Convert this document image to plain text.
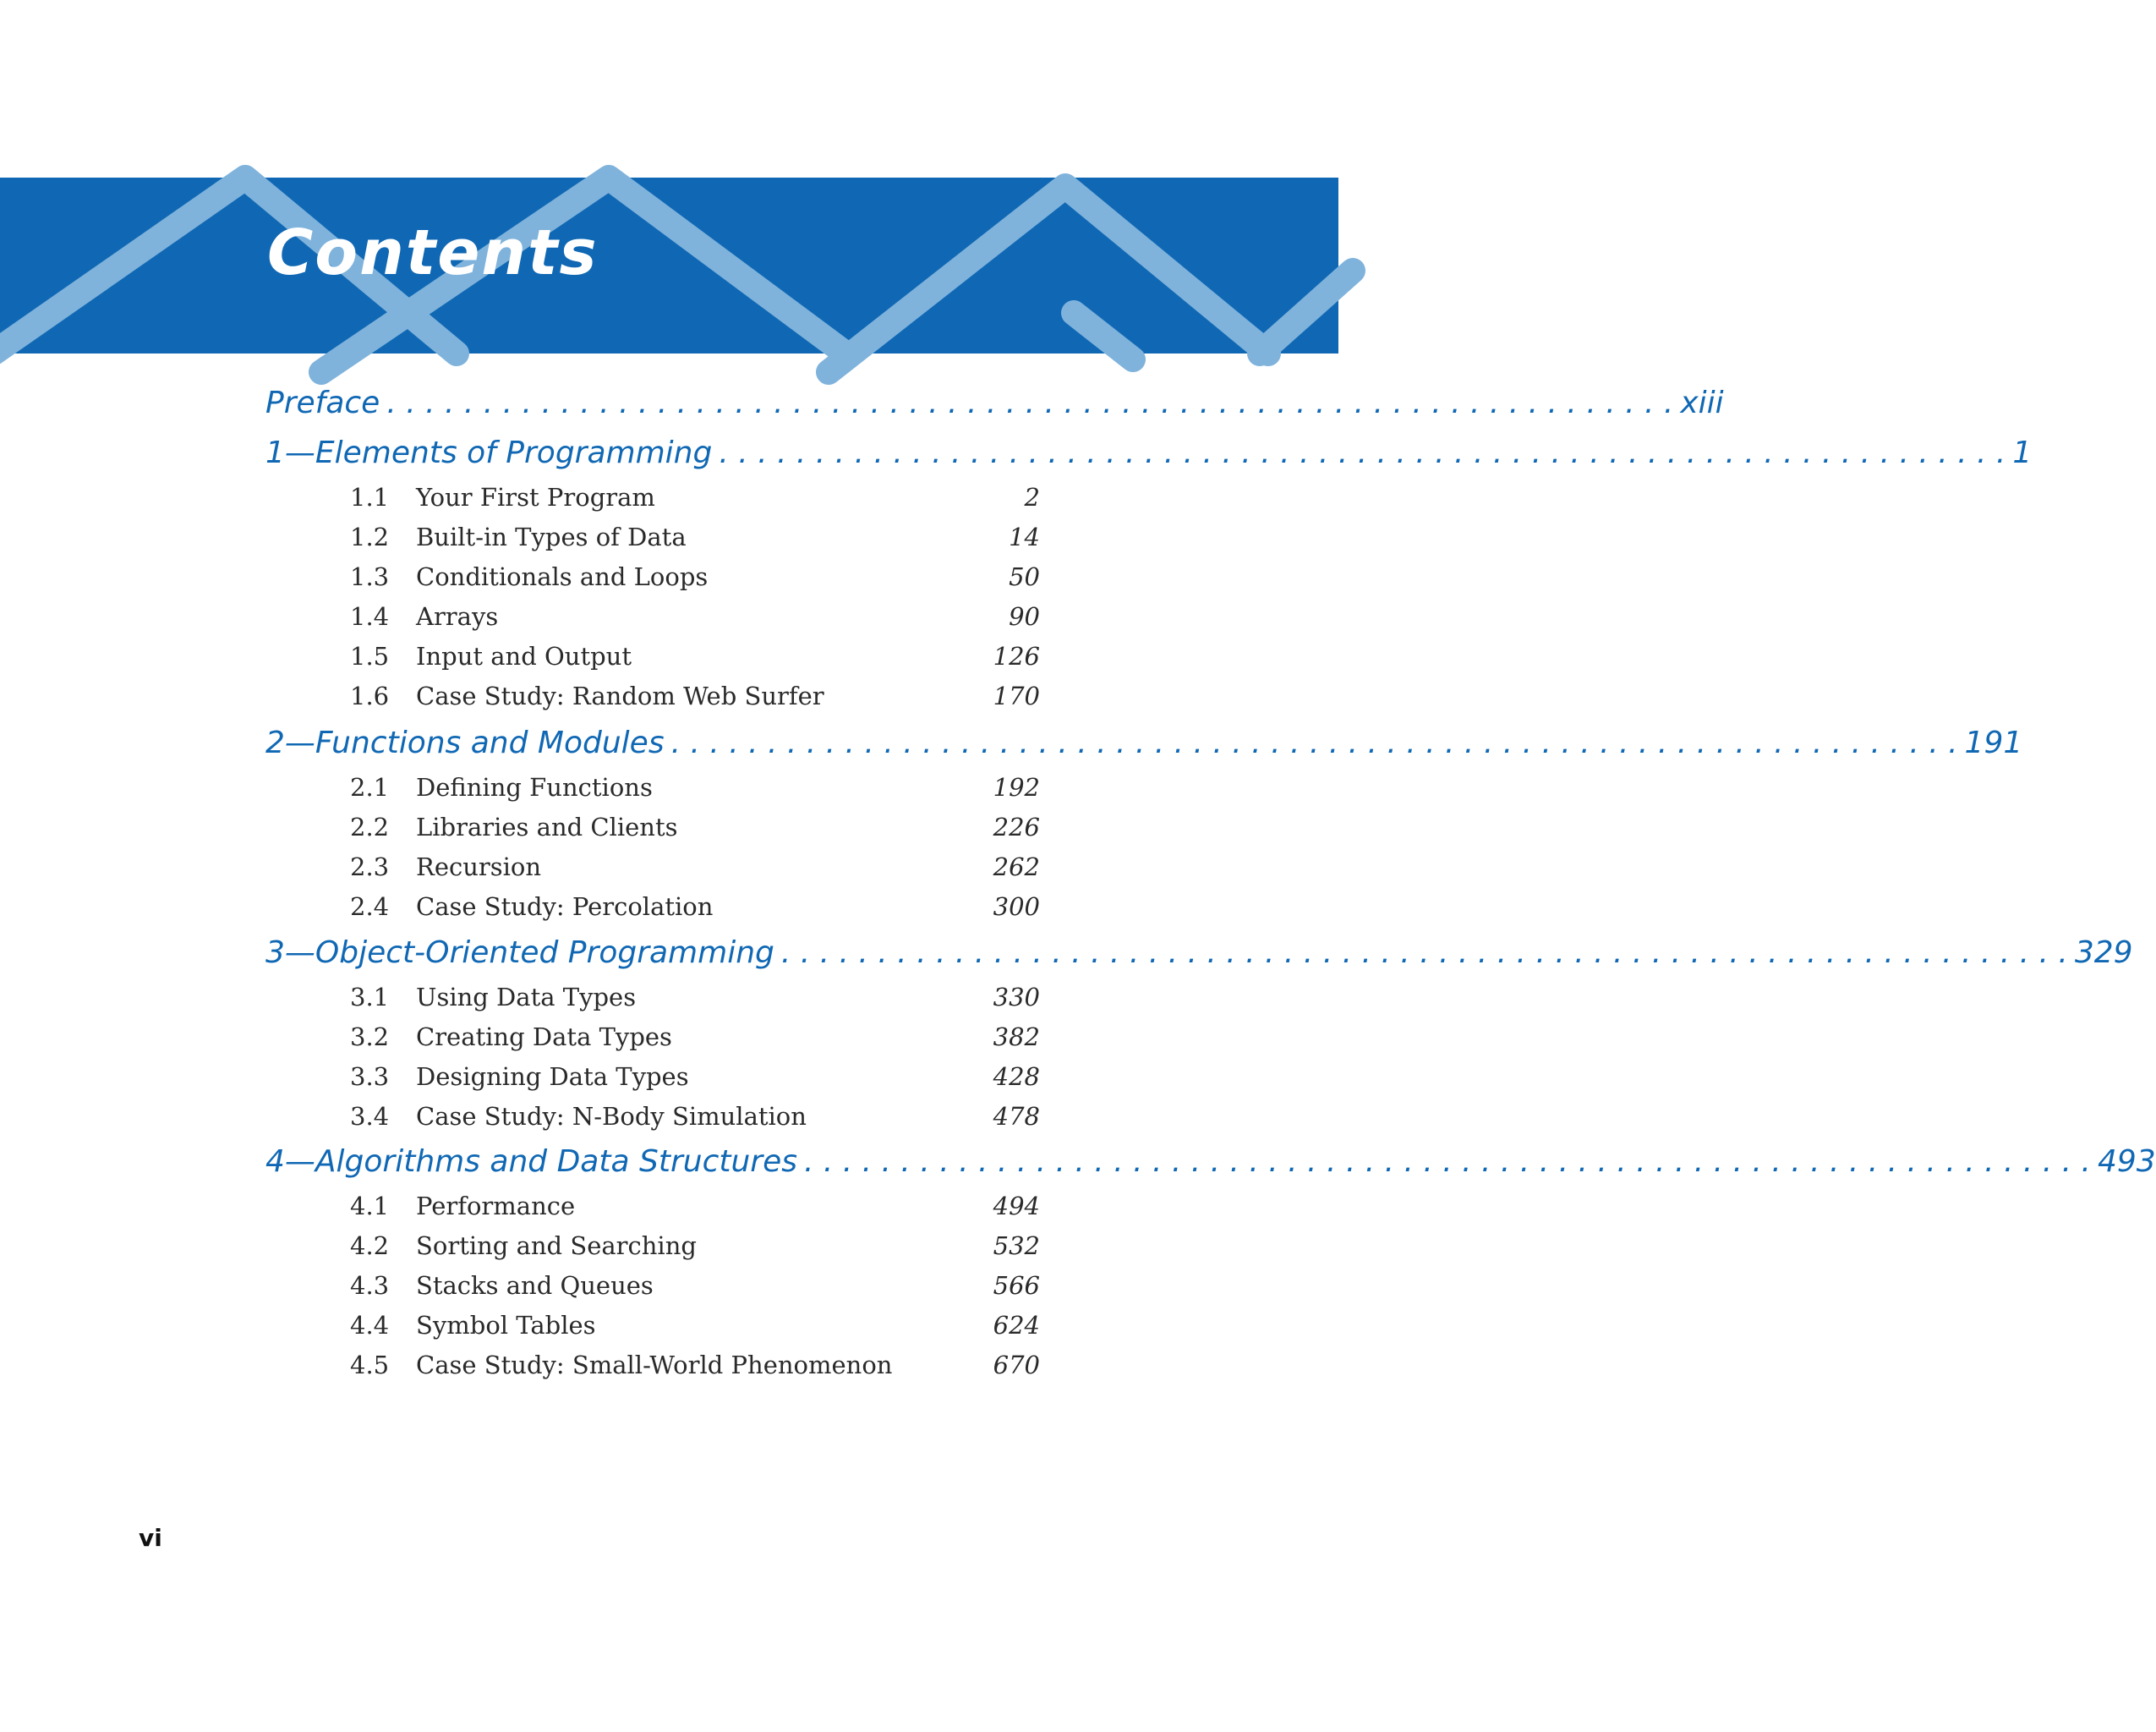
Contents
Preface . . . . . . . . . . . . . . . . . . . . . . . . . . . . . . . . . . . . . . . . . . . . . . . . . . . . . . . . . . . . . . . . . . . xiii
1—Elements of Programming . . . . . . . . . . . . . . . . . . . . . . . . . . . . . . . . . . . . . . . . . . . . . . . . . . . . . . . . . . . . . . . . . . . 1
1.1 Your First Program	2
1.2 Built-in Types of Data	14
1.3 Conditionals and Loops	50
1.4 Arrays	90
1.5 Input and Output	126
1.6 Case Study: Random Web Surfer	170
2—Functions and Modules . . . . . . . . . . . . . . . . . . . . . . . . . . . . . . . . . . . . . . . . . . . . . . . . . . . . . . . . . . . . . . . . . . . 191
2.1 Defining Functions	192
2.2 Libraries and Clients	226
2.3 Recursion	262
2.4 Case Study: Percolation	300
3—Object-Oriented Programming . . . . . . . . . . . . . . . . . . . . . . . . . . . . . . . . . . . . . . . . . . . . . . . . . . . . . . . . . . . . . . . . . . . 329
3.1 Using Data Types	330
3.2 Creating Data Types	382
3.3 Designing Data Types	428
3.4 Case Study: N-Body Simulation	478
4—Algorithms and Data Structures . . . . . . . . . . . . . . . . . . . . . . . . . . . . . . . . . . . . . . . . . . . . . . . . . . . . . . . . . . . . . . . . . . . 493
4.1 Performance	494
4.2 Sorting and Searching	532
4.3 Stacks and Queues	566
4.4 Symbol Tables	624
4.5 Case Study: Small-World Phenomenon	670
vi
